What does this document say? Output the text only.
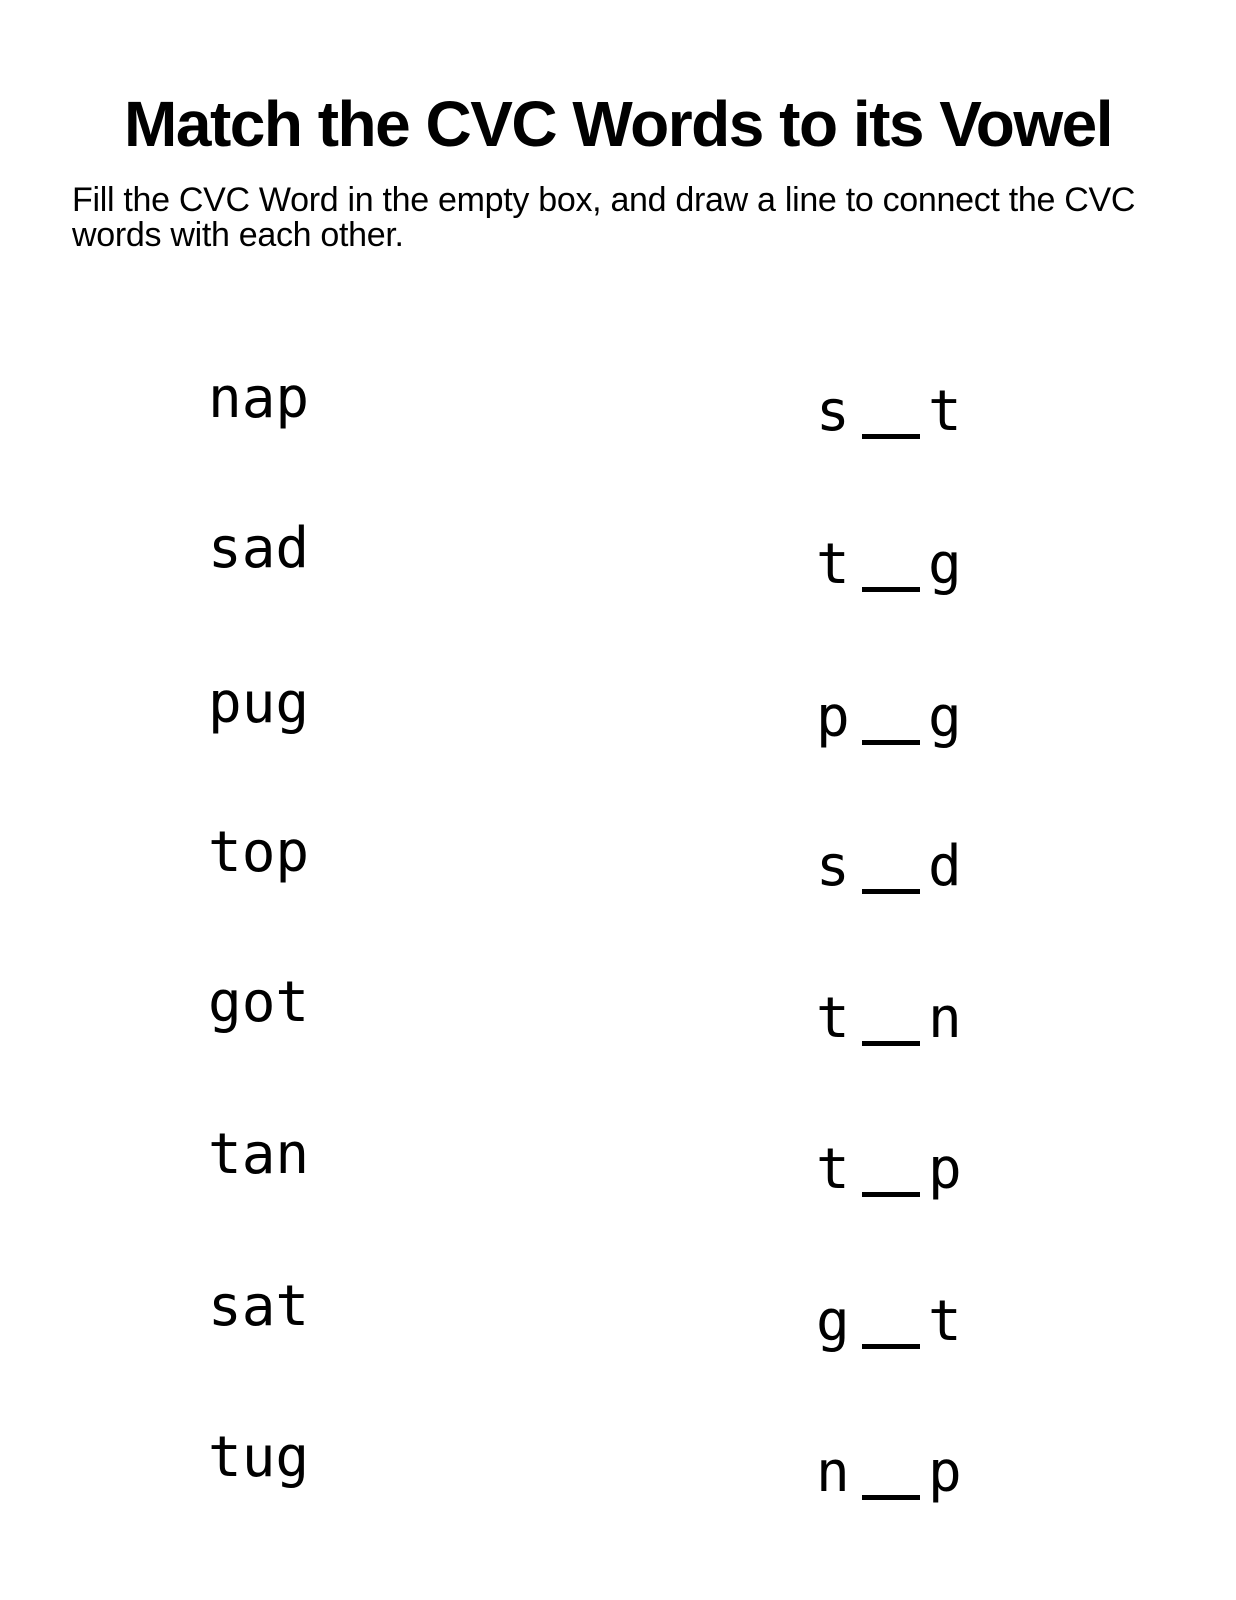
Match the CVC Words to its Vowel

Fill the CVC Word in the empty box, and draw a line to connect the CVC words with each other.

nap
sad
pug
top
got
tan
sat
tug
s t
t g
p g
s d
t n
t p
g t
n p
